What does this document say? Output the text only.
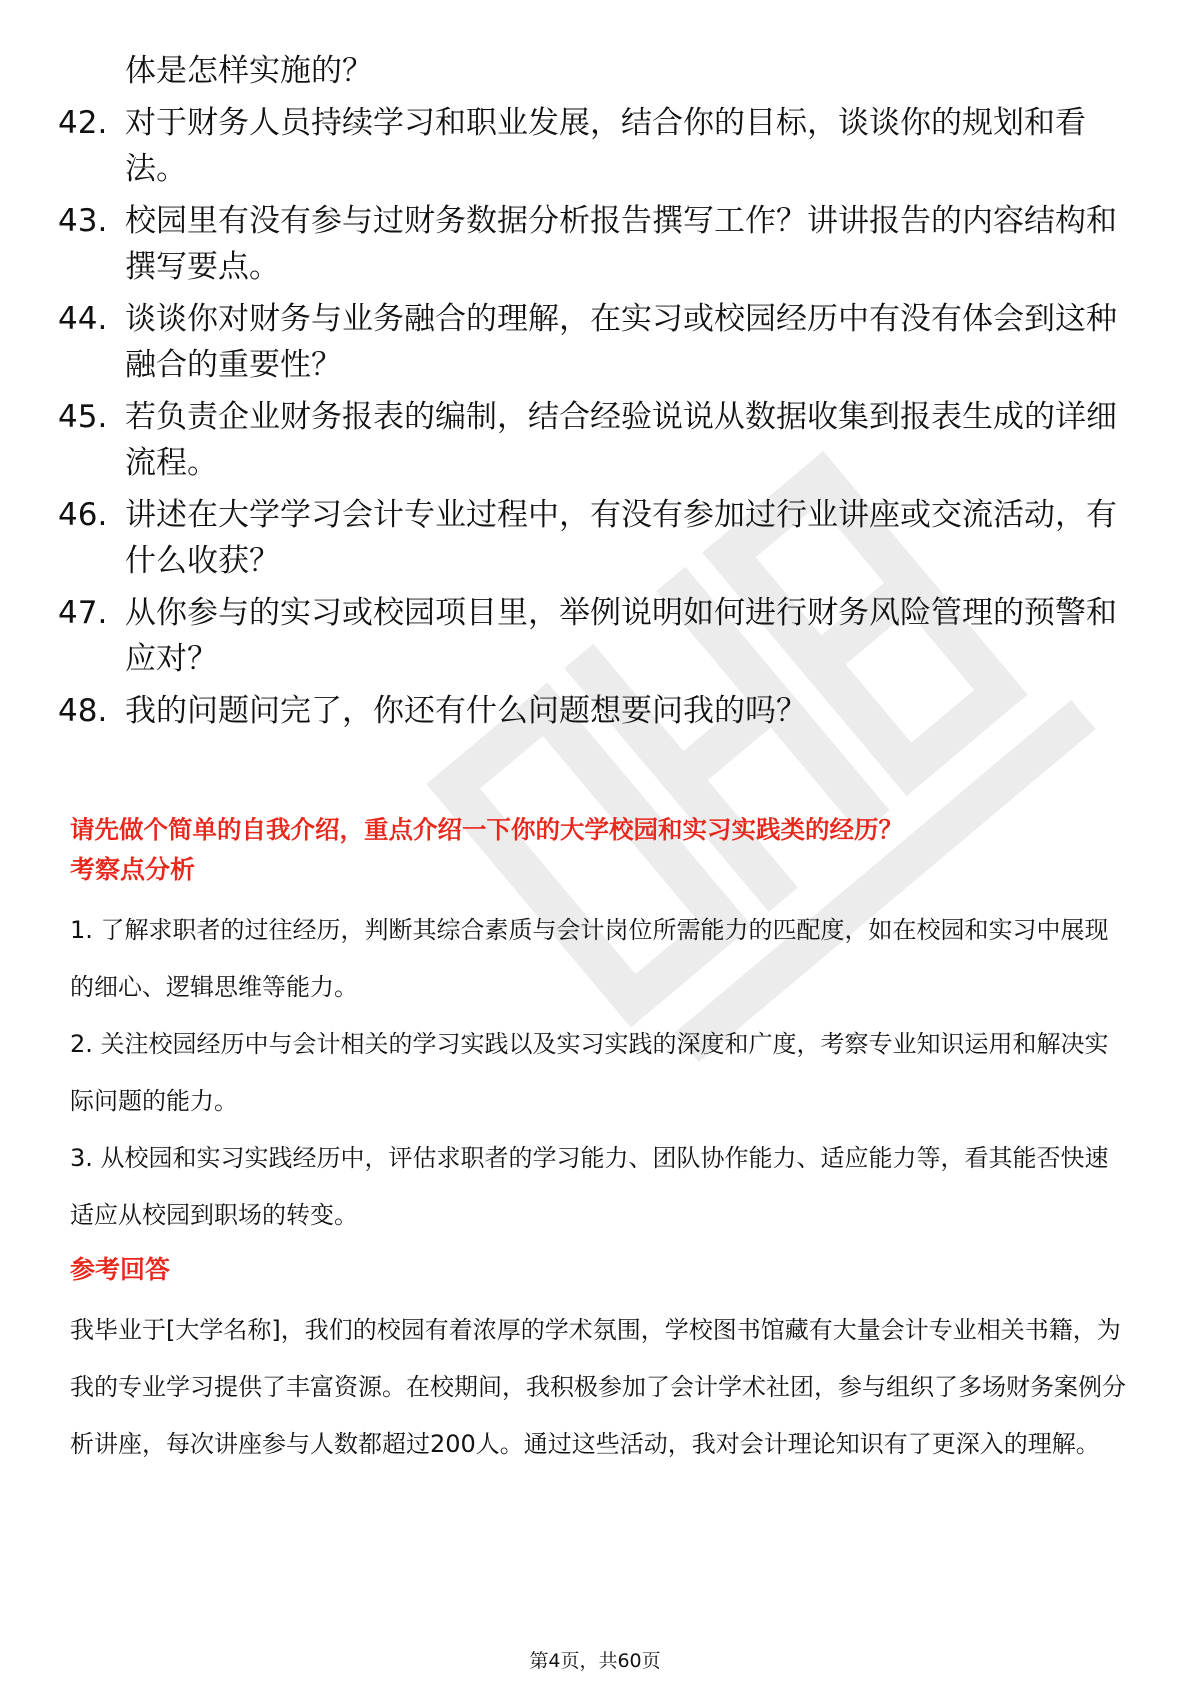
体是怎样实施的？
42. 对于财务人员持续学习和职业发展，结合你的目标，谈谈你的规划和看法。
43. 校园里有没有参与过财务数据分析报告撰写工作？讲讲报告的内容结构和撰写要点。
44. 谈谈你对财务与业务融合的理解，在实习或校园经历中有没有体会到这种融合的重要性？
45. 若负责企业财务报表的编制，结合经验说说从数据收集到报表生成的详细流程。
46. 讲述在大学学习会计专业过程中，有没有参加过行业讲座或交流活动，有什么收获？
47. 从你参与的实习或校园项目里，举例说明如何进行财务风险管理的预警和应对？
48. 我的问题问完了，你还有什么问题想要问我的吗？
请先做个简单的自我介绍，重点介绍一下你的大学校园和实习实践类的经历？
考察点分析

1. 了解求职者的过往经历，判断其综合素质与会计岗位所需能力的匹配度，如在校园和实习中展现的细心、逻辑思维等能力。

2. 关注校园经历中与会计相关的学习实践以及实习实践的深度和广度，考察专业知识运用和解决实际问题的能力。

3. 从校园和实习实践经历中，评估求职者的学习能力、团队协作能力、适应能力等，看其能否快速适应从校园到职场的转变。

参考回答

我毕业于[大学名称]，我们的校园有着浓厚的学术氛围，学校图书馆藏有大量会计专业相关书籍，为我的专业学习提供了丰富资源。在校期间，我积极参加了会计学术社团，参与组织了多场财务案例分析讲座，每次讲座参与人数都超过200人。通过这些活动，我对会计理论知识有了更深入的理解。

第4页，共60页
